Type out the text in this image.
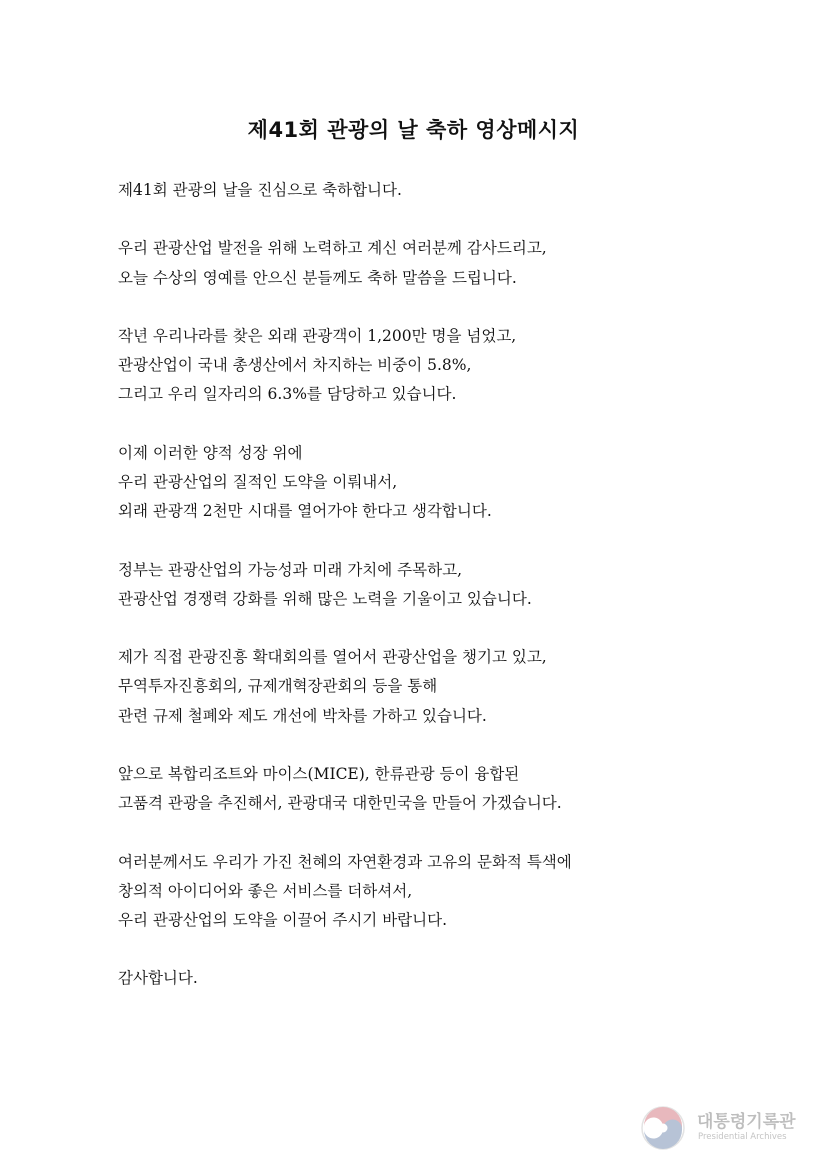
제41회 관광의 날 축하 영상메시지

제41회 관광의 날을 진심으로 축하합니다.

우리 관광산업 발전을 위해 노력하고 계신 여러분께 감사드리고,
오늘 수상의 영예를 안으신 분들께도 축하 말씀을 드립니다.

작년 우리나라를 찾은 외래 관광객이 1,200만 명을 넘었고,
관광산업이 국내 총생산에서 차지하는 비중이 5.8%,
그리고 우리 일자리의 6.3%를 담당하고 있습니다.

이제 이러한 양적 성장 위에
우리 관광산업의 질적인 도약을 이뤄내서,
외래 관광객 2천만 시대를 열어가야 한다고 생각합니다.

정부는 관광산업의 가능성과 미래 가치에 주목하고,
관광산업 경쟁력 강화를 위해 많은 노력을 기울이고 있습니다.

제가 직접 관광진흥 확대회의를 열어서 관광산업을 챙기고 있고,
무역투자진흥회의, 규제개혁장관회의 등을 통해
관련 규제 철폐와 제도 개선에 박차를 가하고 있습니다.

앞으로 복합리조트와 마이스(MICE), 한류관광 등이 융합된
고품격 관광을 추진해서, 관광대국 대한민국을 만들어 가겠습니다.

여러분께서도 우리가 가진 천혜의 자연환경과 고유의 문화적 특색에
창의적 아이디어와 좋은 서비스를 더하셔서,
우리 관광산업의 도약을 이끌어 주시기 바랍니다.

감사합니다.

대통령기록관
Presidential Archives
